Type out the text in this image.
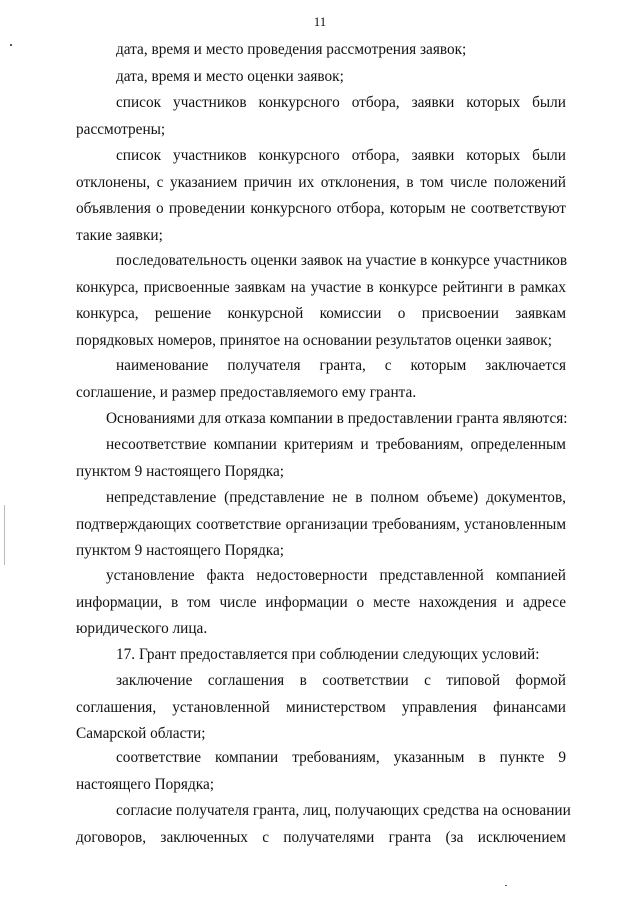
11
дата, время и место проведения рассмотрения заявок;
дата, время и место оценки заявок;
список участников конкурсного отбора, заявки которых были
рассмотрены;
список участников конкурсного отбора, заявки которых были
отклонены, с указанием причин их отклонения, в том числе положений
объявления о проведении конкурсного отбора, которым не соответствуют
такие заявки;
последовательность оценки заявок на участие в конкурсе участников
конкурса, присвоенные заявкам на участие в конкурсе рейтинги в рамках
конкурса, решение конкурсной комиссии о присвоении заявкам
порядковых номеров, принятое на основании результатов оценки заявок;
наименование получателя гранта, с которым заключается
соглашение, и размер предоставляемого ему гранта.
Основаниями для отказа компании в предоставлении гранта являются:
несоответствие компании критериям и требованиям, определенным
пунктом 9 настоящего Порядка;
непредставление (представление не в полном объеме) документов,
подтверждающих соответствие организации требованиям, установленным
пунктом 9 настоящего Порядка;
установление факта недостоверности представленной компанией
информации, в том числе информации о месте нахождения и адресе
юридического лица.
17. Грант предоставляется при соблюдении следующих условий:
заключение соглашения в соответствии с типовой формой
соглашения, установленной министерством управления финансами
Самарской области;
соответствие компании требованиям, указанным в пункте 9
настоящего Порядка;
согласие получателя гранта, лиц, получающих средства на основании
договоров, заключенных с получателями гранта (за исключением
